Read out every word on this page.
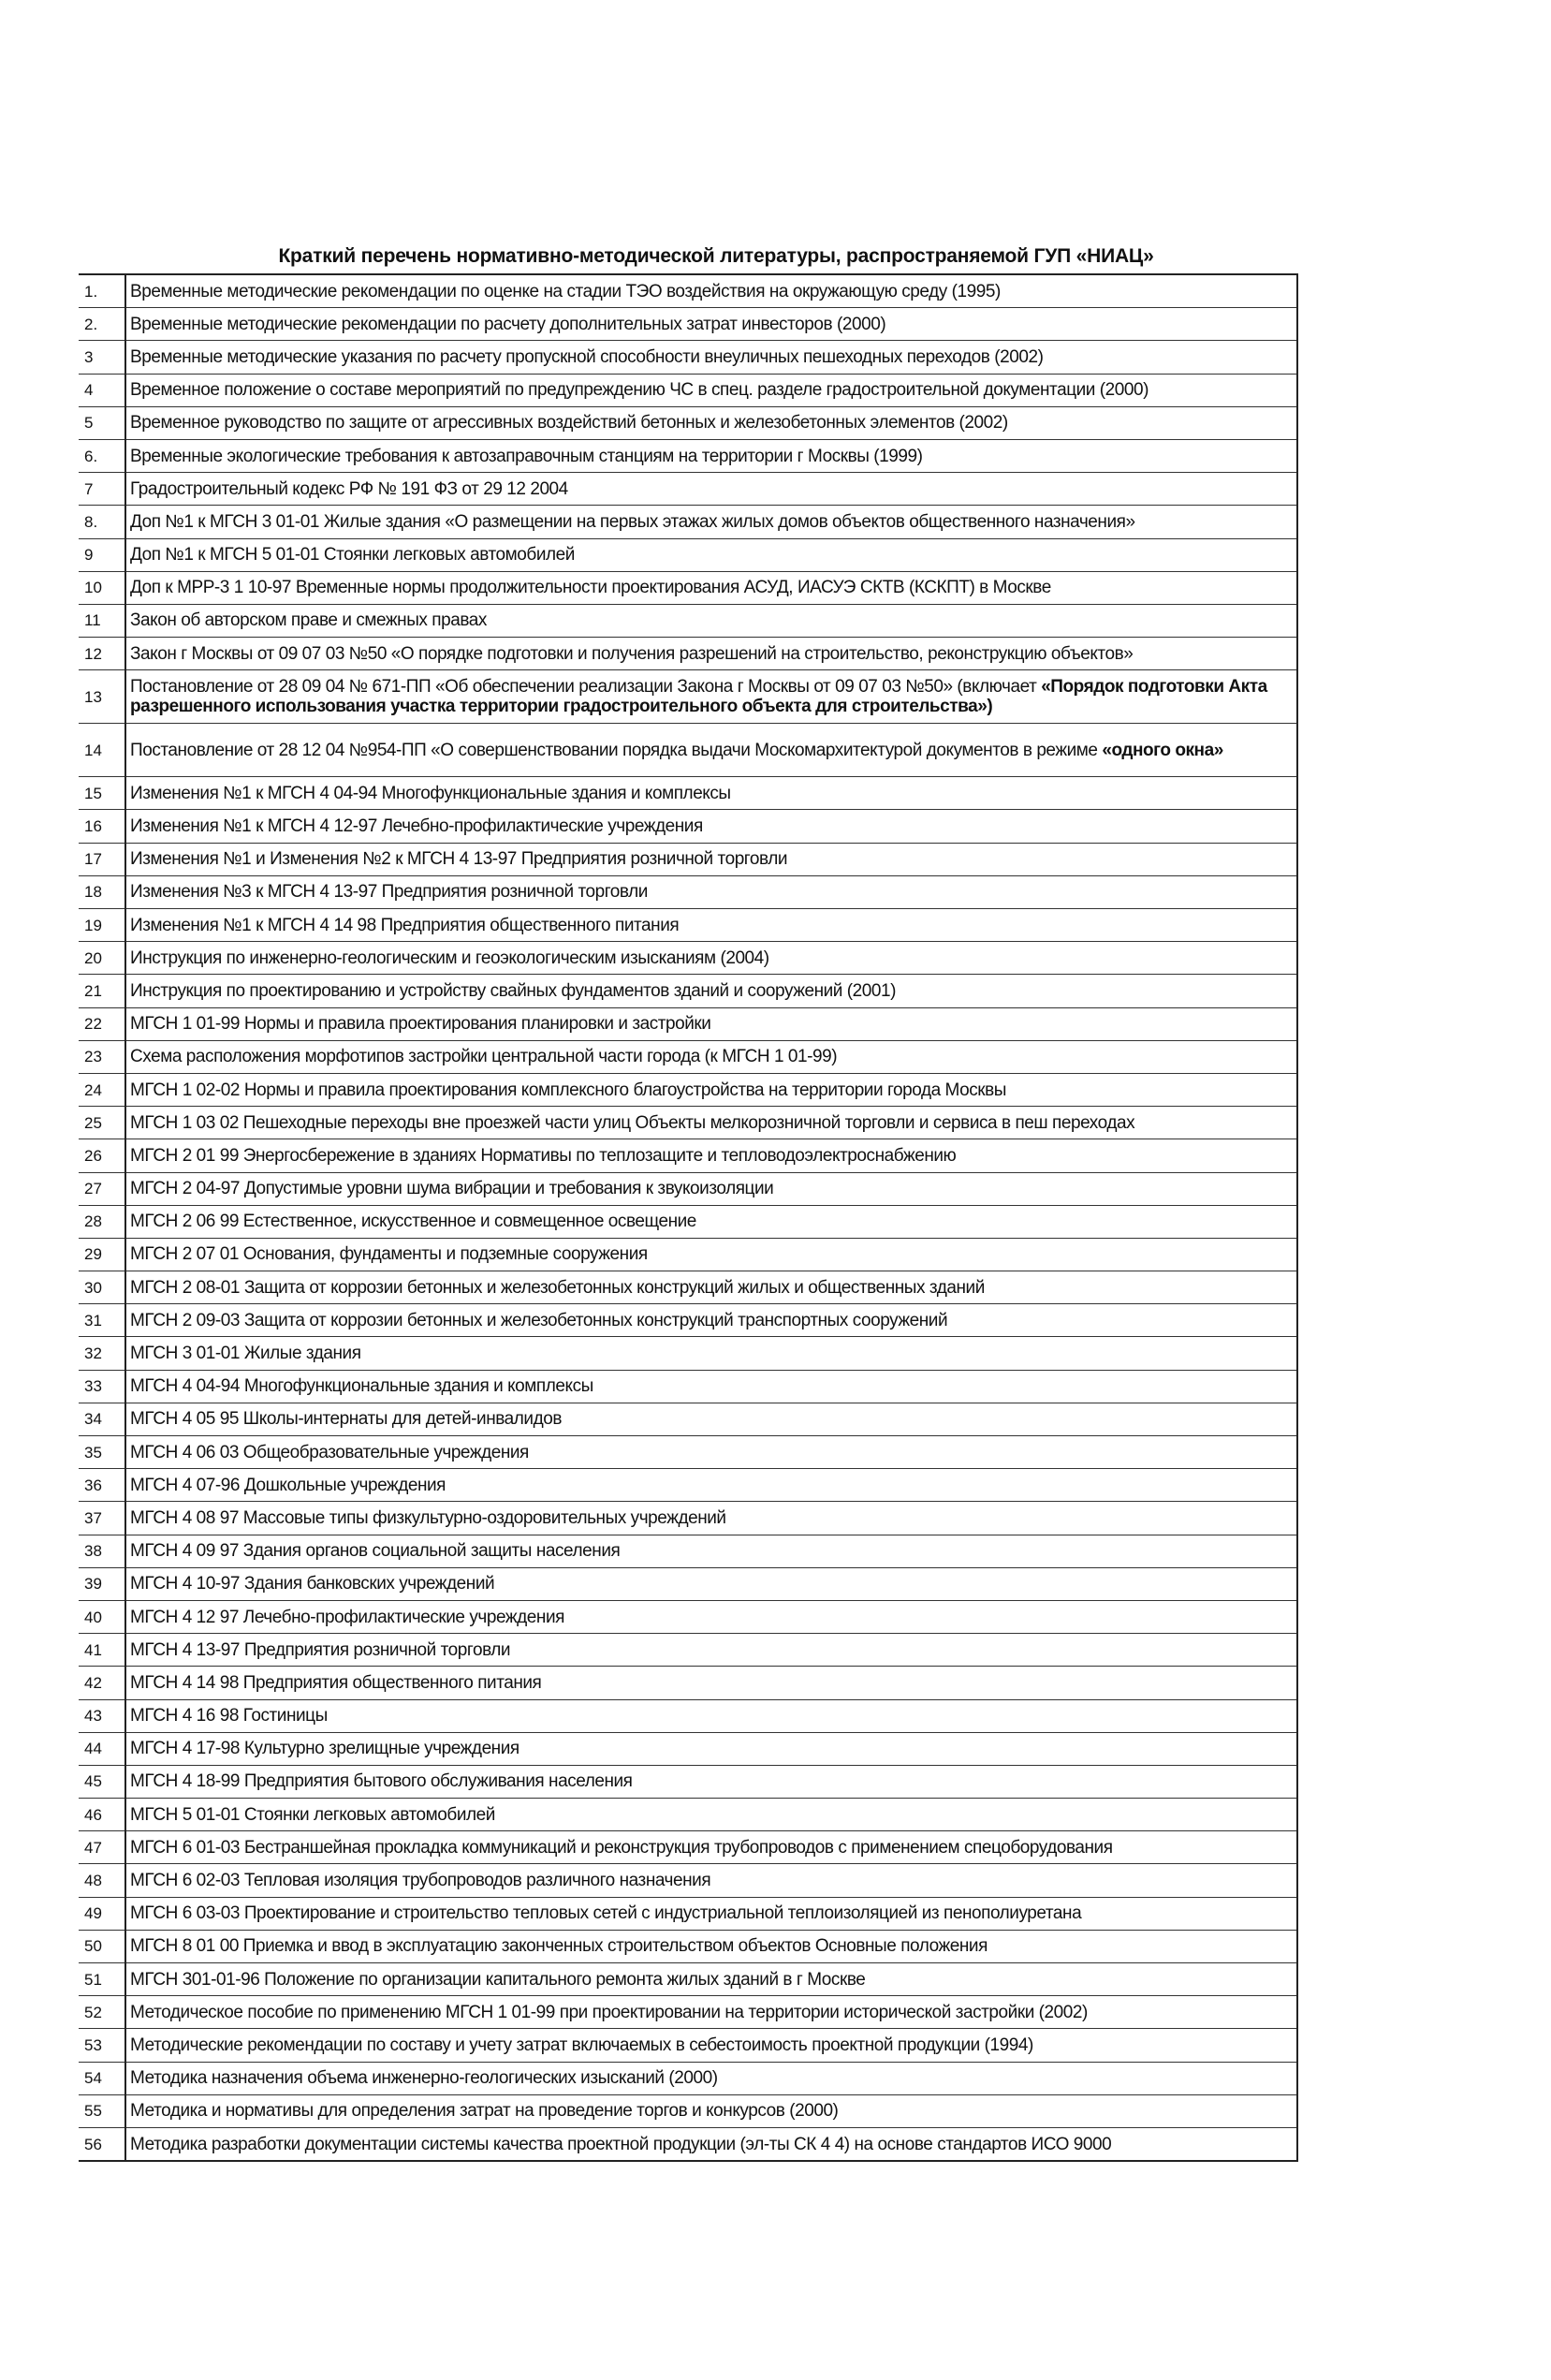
Краткий перечень нормативно-методической литературы, распространяемой ГУП «НИАЦ»
1.	Временные методические рекомендации по оценке на стадии ТЭО воздействия на окружающую среду (1995)
2.	Временные методические рекомендации по расчету дополнительных затрат инвесторов (2000)
3	Временные методические указания по расчету пропускной способности внеуличных пешеходных переходов (2002)
4	Временное положение о составе мероприятий по предупреждению ЧС в спец. разделе градостроительной документации (2000)
5	Временное руководство по защите от агрессивных воздействий бетонных и железобетонных элементов (2002)
6.	Временные экологические требования к автозаправочным станциям на территории г Москвы (1999)
7	Градостроительный кодекс РФ № 191 ФЗ от 29 12 2004
8.	Доп №1 к МГСН 3 01-01 Жилые здания «О размещении на первых этажах жилых домов объектов общественного назначения»
9	Доп №1 к МГСН 5 01-01 Стоянки легковых автомобилей
10	Доп к МРР-3 1 10-97 Временные нормы продолжительности проектирования АСУД, ИАСУЭ СКТВ (КСКПТ) в Москве
11	Закон об авторском праве и смежных правах
12	Закон г Москвы от 09 07 03 №50 «О порядке подготовки и получения разрешений на строительство, реконструкцию объектов»
13	Постановление от 28 09 04 № 671-ПП «Об обеспечении реализации Закона г Москвы от 09 07 03 №50» (включает «Порядок подготовки Акта разрешенного использования участка территории градостроительного объекта для строительства»)
14	Постановление от 28 12 04 №954-ПП «О совершенствовании порядка выдачи Москомархитектурой документов в режиме «одного окна»
15	Изменения №1 к МГСН 4 04-94 Многофункциональные здания и комплексы
16	Изменения №1 к МГСН 4 12-97 Лечебно-профилактические учреждения
17	Изменения №1 и Изменения №2 к МГСН 4 13-97 Предприятия розничной торговли
18	Изменения №3 к МГСН 4 13-97 Предприятия розничной торговли
19	Изменения №1 к МГСН 4 14 98 Предприятия общественного питания
20	Инструкция по инженерно-геологическим и геоэкологическим изысканиям (2004)
21	Инструкция по проектированию и устройству свайных фундаментов зданий и сооружений (2001)
22	МГСН 1 01-99 Нормы и правила проектирования планировки и застройки
23	Схема расположения морфотипов застройки центральной части города (к МГСН 1 01-99)
24	МГСН 1 02-02 Нормы и правила проектирования комплексного благоустройства на территории города Москвы
25	МГСН 1 03 02 Пешеходные переходы вне проезжей части улиц Объекты мелкорозничной торговли и сервиса в пеш переходах
26	МГСН 2 01 99 Энергосбережение в зданиях Нормативы по теплозащите и тепловодоэлектроснабжению
27	МГСН 2 04-97 Допустимые уровни шума вибрации и требования к звукоизоляции
28	МГСН 2 06 99 Естественное, искусственное и совмещенное освещение
29	МГСН 2 07 01 Основания, фундаменты и подземные сооружения
30	МГСН 2 08-01 Защита от коррозии бетонных и железобетонных конструкций жилых и общественных зданий
31	МГСН 2 09-03 Защита от коррозии бетонных и железобетонных конструкций транспортных сооружений
32	МГСН 3 01-01 Жилые здания
33	МГСН 4 04-94 Многофункциональные здания и комплексы
34	МГСН 4 05 95 Школы-интернаты для детей-инвалидов
35	МГСН 4 06 03 Общеобразовательные учреждения
36	МГСН 4 07-96 Дошкольные учреждения
37	МГСН 4 08 97 Массовые типы физкультурно-оздоровительных учреждений
38	МГСН 4 09 97 Здания органов социальной защиты населения
39	МГСН 4 10-97 Здания банковских учреждений
40	МГСН 4 12 97 Лечебно-профилактические учреждения
41	МГСН 4 13-97 Предприятия розничной торговли
42	МГСН 4 14 98 Предприятия общественного питания
43	МГСН 4 16 98 Гостиницы
44	МГСН 4 17-98 Культурно зрелищные учреждения
45	МГСН 4 18-99 Предприятия бытового обслуживания населения
46	МГСН 5 01-01 Стоянки легковых автомобилей
47	МГСН 6 01-03 Бестраншейная прокладка коммуникаций и реконструкция трубопроводов с применением спецоборудования
48	МГСН 6 02-03 Тепловая изоляция трубопроводов различного назначения
49	МГСН 6 03-03 Проектирование и строительство тепловых сетей с индустриальной теплоизоляцией из пенополиуретана
50	МГСН 8 01 00 Приемка и ввод в эксплуатацию законченных строительством объектов Основные положения
51	МГСН 301-01-96 Положение по организации капитального ремонта жилых зданий в г Москве
52	Методическое пособие по применению МГСН 1 01-99 при проектировании на территории исторической застройки (2002)
53	Методические рекомендации по составу и учету затрат включаемых в себестоимость проектной продукции (1994)
54	Методика назначения объема инженерно-геологических изысканий (2000)
55	Методика и нормативы для определения затрат на проведение торгов и конкурсов (2000)
56	Методика разработки документации системы качества проектной продукции (эл-ты СК 4 4) на основе стандартов ИСО 9000
